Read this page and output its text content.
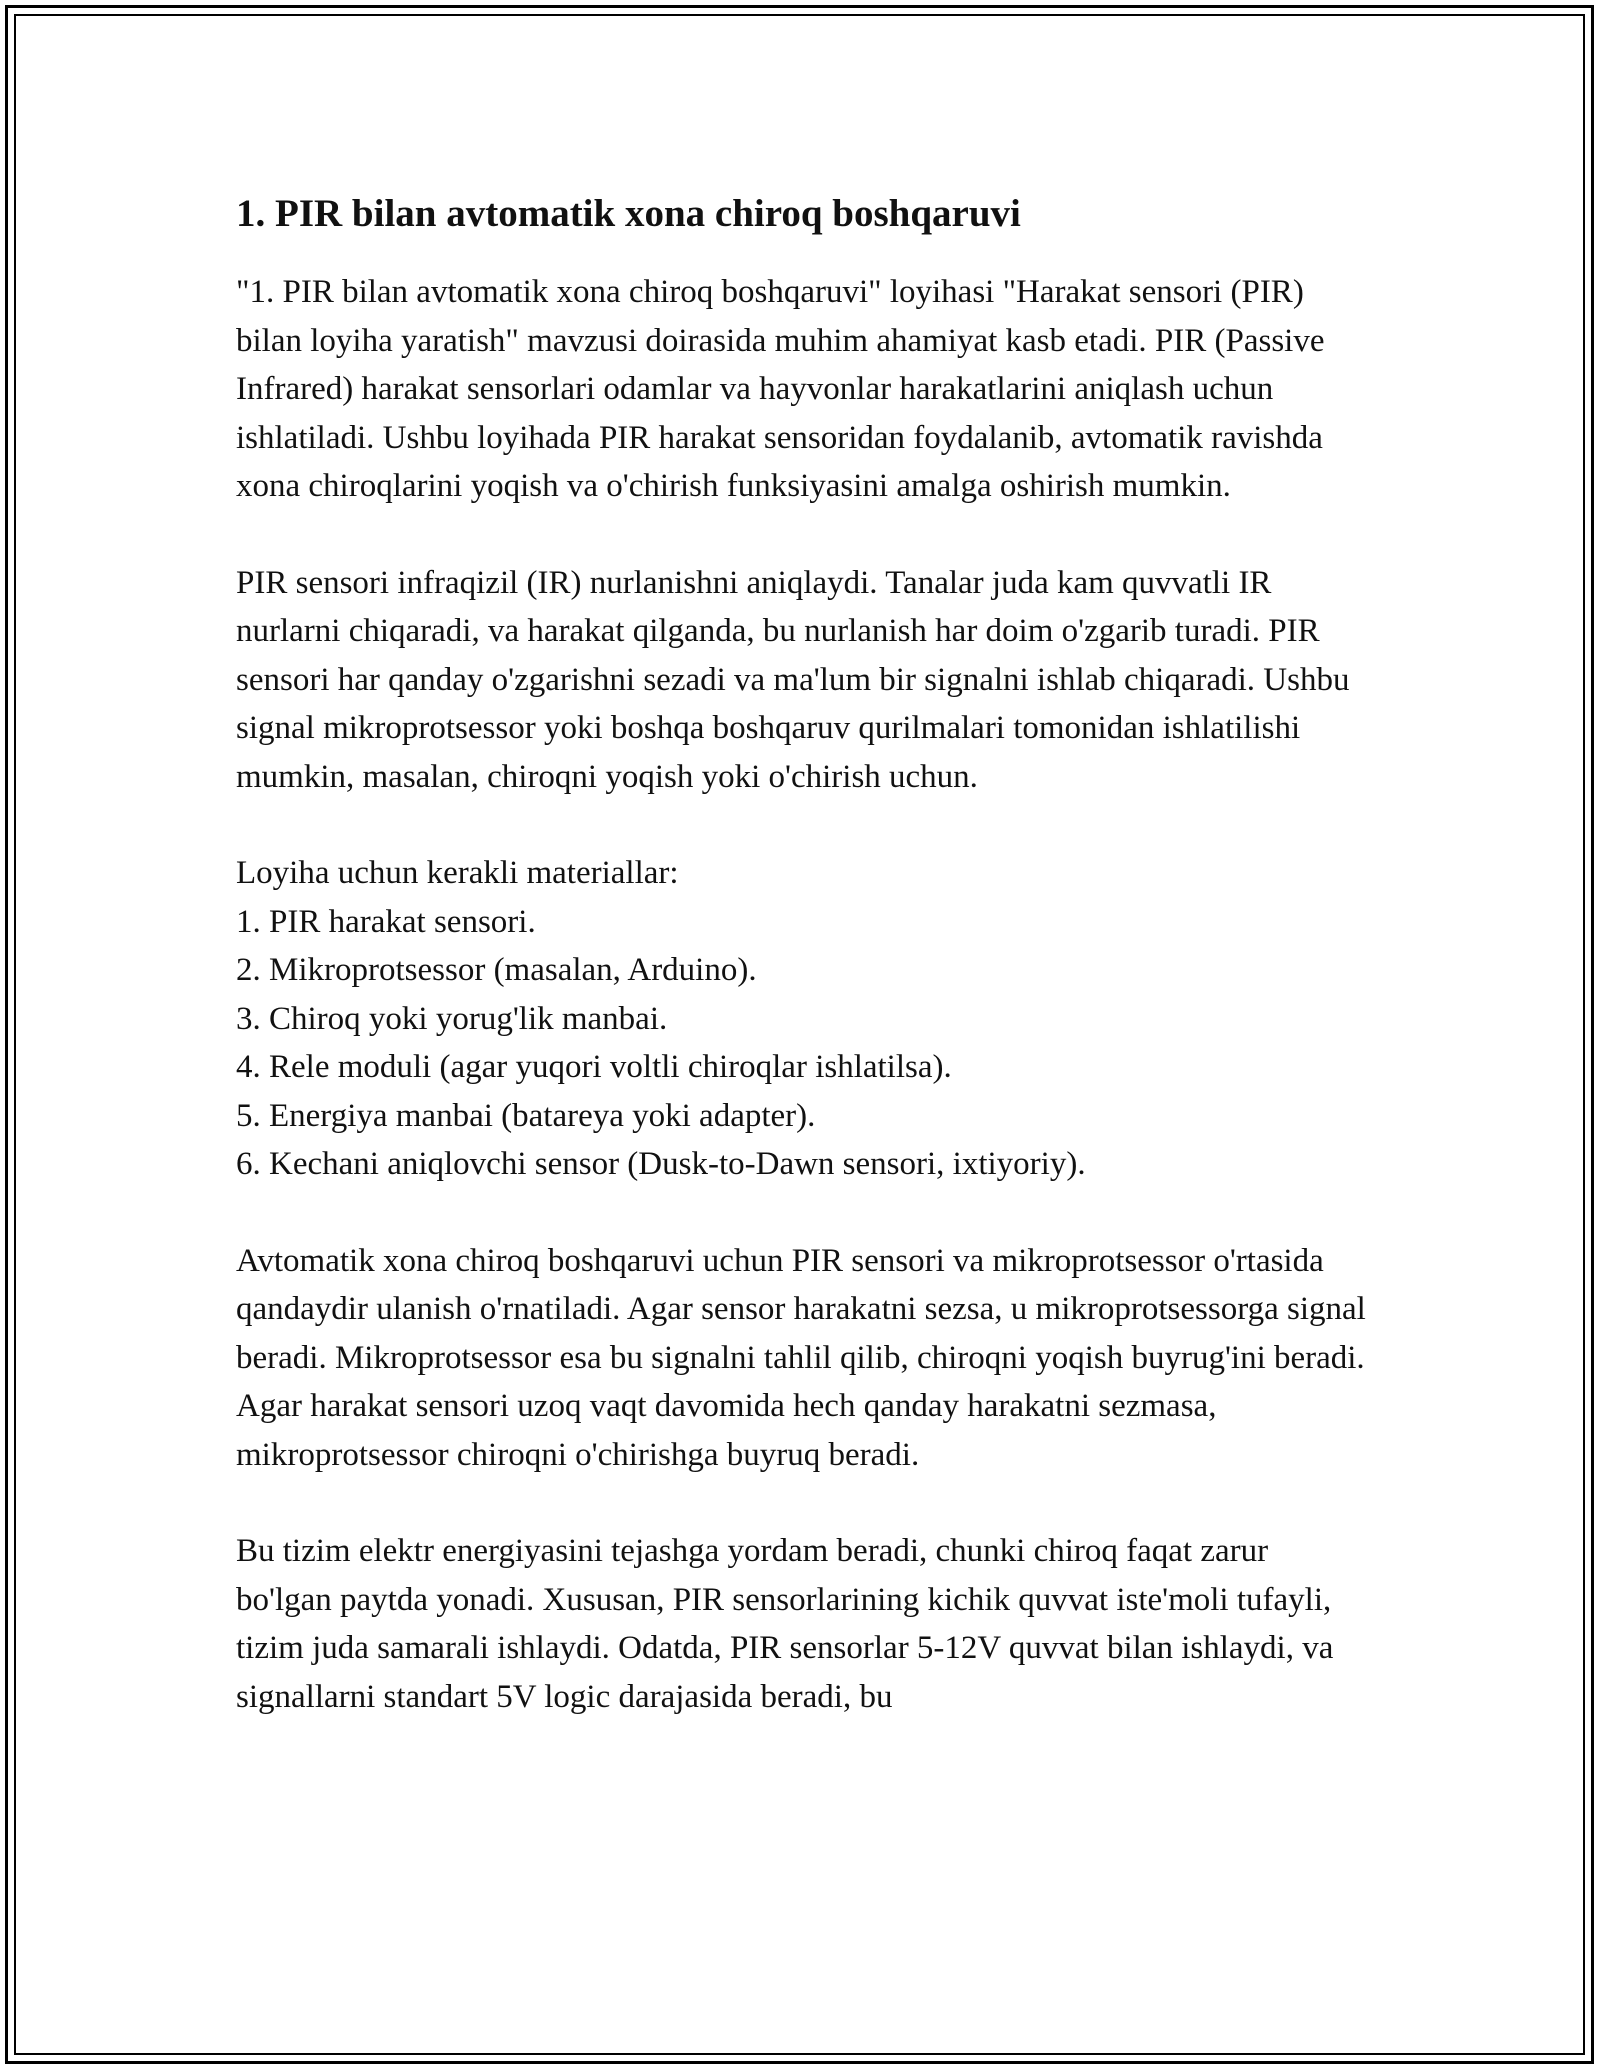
1. PIR bilan avtomatik xona chiroq boshqaruvi

"1. PIR bilan avtomatik xona chiroq boshqaruvi" loyihasi "Harakat sensori (PIR) bilan loyiha yaratish" mavzusi doirasida muhim ahamiyat kasb etadi. PIR (Passive Infrared) harakat sensorlari odamlar va hayvonlar harakatlarini aniqlash uchun ishlatiladi. Ushbu loyihada PIR harakat sensoridan foydalanib, avtomatik ravishda xona chiroqlarini yoqish va o'chirish funksiyasini amalga oshirish mumkin.

PIR sensori infraqizil (IR) nurlanishni aniqlaydi. Tanalar juda kam quvvatli IR nurlarni chiqaradi, va harakat qilganda, bu nurlanish har doim o'zgarib turadi. PIR sensori har qanday o'zgarishni sezadi va ma'lum bir signalni ishlab chiqaradi. Ushbu signal mikroprotsessor yoki boshqa boshqaruv qurilmalari tomonidan ishlatilishi mumkin, masalan, chiroqni yoqish yoki o'chirish uchun.

Loyiha uchun kerakli materiallar:

1. PIR harakat sensori.

2. Mikroprotsessor (masalan, Arduino).

3. Chiroq yoki yorug'lik manbai.

4. Rele moduli (agar yuqori voltli chiroqlar ishlatilsa).

5. Energiya manbai (batareya yoki adapter).

6. Kechani aniqlovchi sensor (Dusk-to-Dawn sensori, ixtiyoriy).

Avtomatik xona chiroq boshqaruvi uchun PIR sensori va mikroprotsessor o'rtasida qandaydir ulanish o'rnatiladi. Agar sensor harakatni sezsa, u mikroprotsessorga signal beradi. Mikroprotsessor esa bu signalni tahlil qilib, chiroqni yoqish buyrug'ini beradi. Agar harakat sensori uzoq vaqt davomida hech qanday harakatni sezmasa, mikroprotsessor chiroqni o'chirishga buyruq beradi.

Bu tizim elektr energiyasini tejashga yordam beradi, chunki chiroq faqat zarur bo'lgan paytda yonadi. Xususan, PIR sensorlarining kichik quvvat iste'moli tufayli, tizim juda samarali ishlaydi. Odatda, PIR sensorlar 5-12V quvvat bilan ishlaydi, va signallarni standart 5V logic darajasida beradi, bu
